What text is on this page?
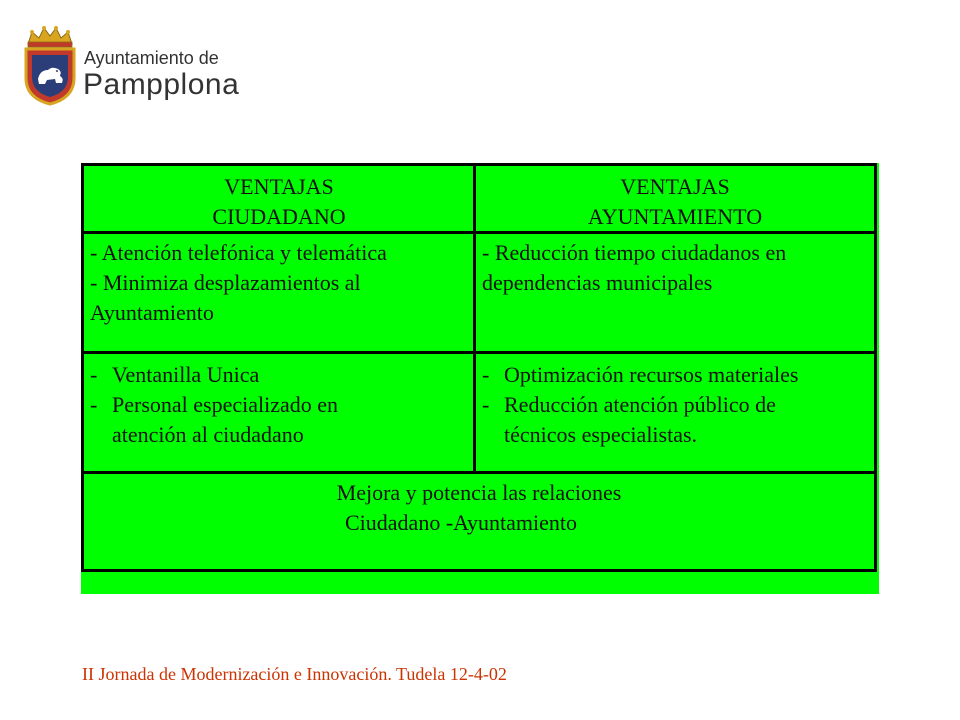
Ayuntamiento de
Pampplona
VENTAJAS
CIUDADANO
VENTAJAS
AYUNTAMIENTO
- Atención telefónica y telemática
- Minimiza desplazamientos al
Ayuntamiento
- Reducción tiempo ciudadanos en
dependencias municipales
- Ventanilla Unica
- Personal especializado en
atención al ciudadano
- Optimización recursos materiales
- Reducción atención público de
técnicos especialistas.
Mejora y potencia las relaciones
Ciudadano -Ayuntamiento
II Jornada de Modernización e Innovación. Tudela 12-4-02
